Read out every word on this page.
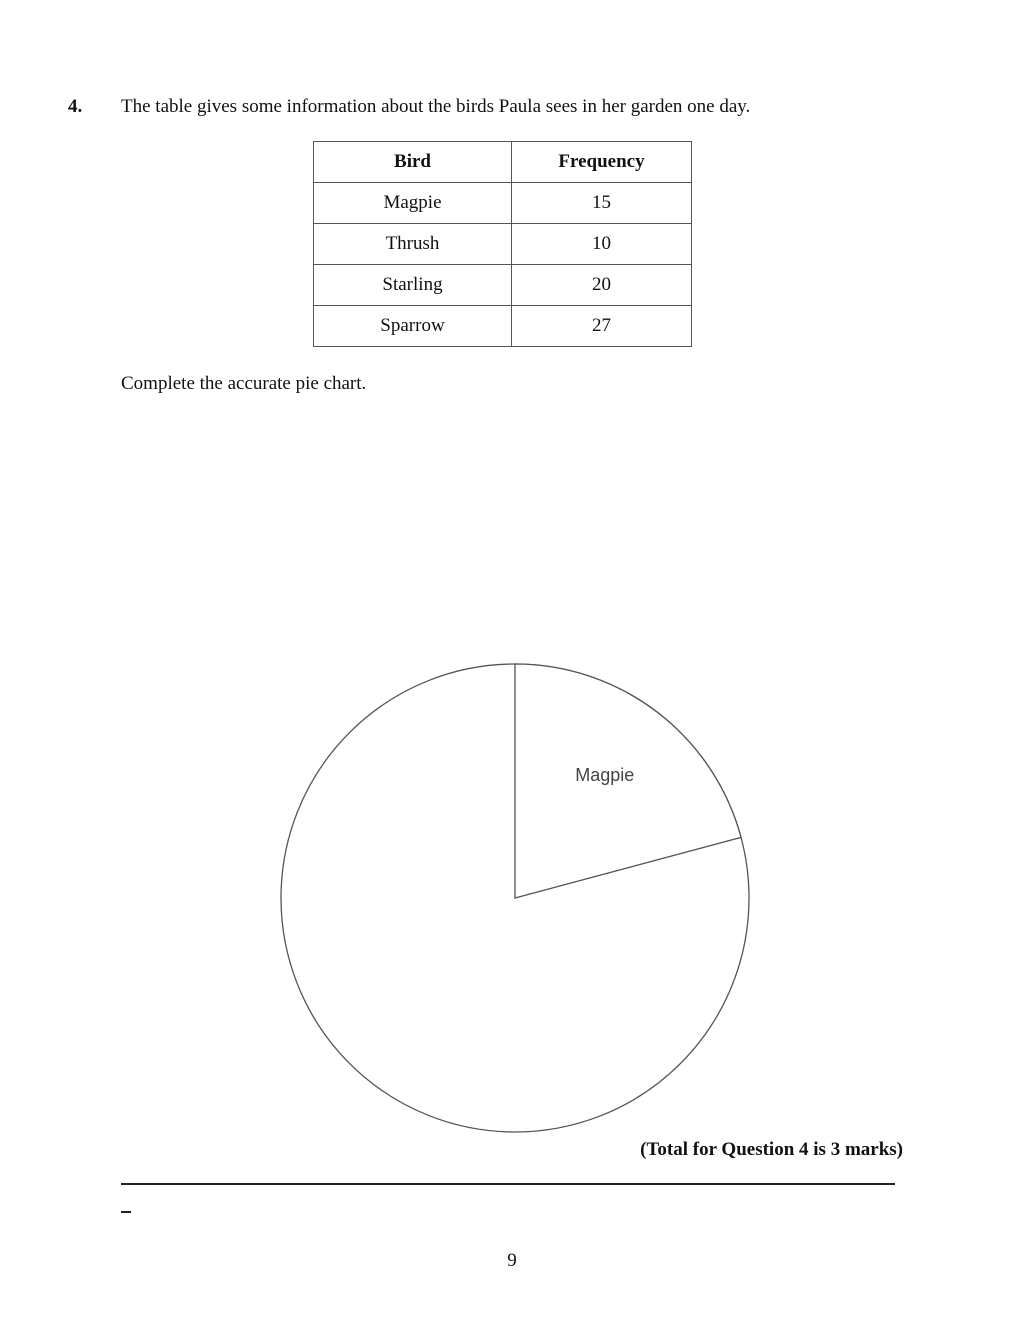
4. The table gives some information about the birds Paula sees in her garden one day.
Bird	Frequency
Magpie	15
Thrush	10
Starling	20
Sparrow	27
Complete the accurate pie chart.
Magpie
(Total for Question 4 is 3 marks)
9
